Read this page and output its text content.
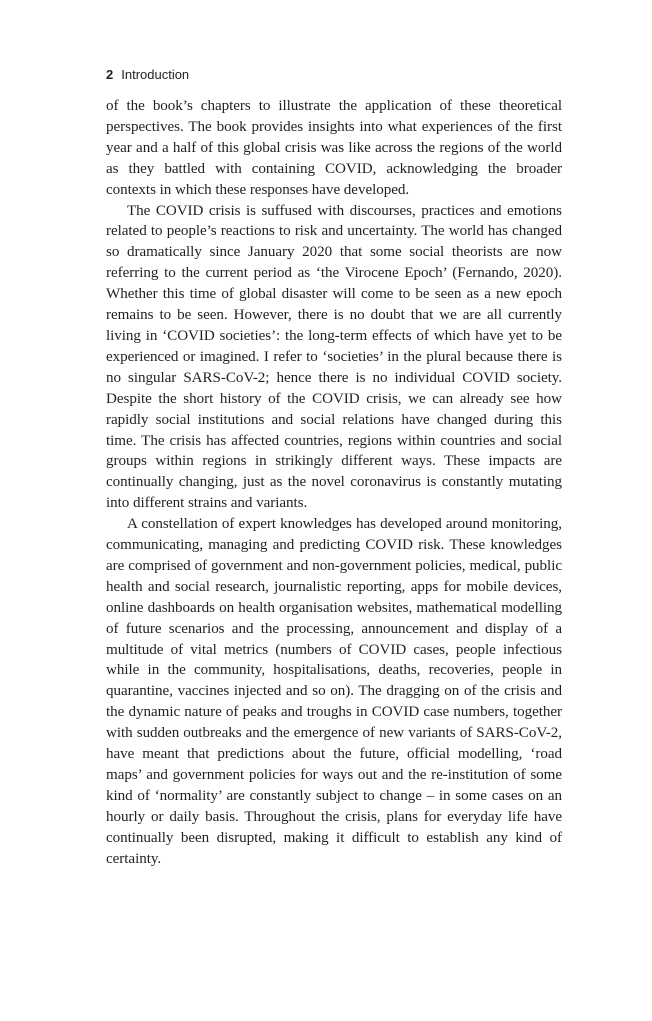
2 Introduction

of the book’s chapters to illustrate the application of these theoretical perspectives. The book provides insights into what experiences of the first year and a half of this global crisis was like across the regions of the world as they battled with containing COVID, acknowledging the broader contexts in which these responses have developed.

The COVID crisis is suffused with discourses, practices and emotions related to people’s reactions to risk and uncertainty. The world has changed so dramatically since January 2020 that some social theorists are now referring to the current period as ‘the Virocene Epoch’ (Fernando, 2020). Whether this time of global disaster will come to be seen as a new epoch remains to be seen. However, there is no doubt that we are all currently living in ‘COVID societies’: the long-term effects of which have yet to be experienced or imagined. I refer to ‘societies’ in the plural because there is no singular SARS-CoV-2; hence there is no individual COVID society. Despite the short history of the COVID crisis, we can already see how rapidly social institutions and social relations have changed during this time. The crisis has affected countries, regions within countries and social groups within regions in strikingly different ways. These impacts are continually changing, just as the novel coronavirus is constantly mutating into different strains and variants.

A constellation of expert knowledges has developed around monitoring, communicating, managing and predicting COVID risk. These knowledges are comprised of government and non-government policies, medical, public health and social research, journalistic reporting, apps for mobile devices, online dashboards on health organisation websites, mathematical modelling of future scenarios and the processing, announcement and display of a multitude of vital metrics (numbers of COVID cases, people infectious while in the community, hospitalisations, deaths, recoveries, people in quarantine, vaccines injected and so on). The dragging on of the crisis and the dynamic nature of peaks and troughs in COVID case numbers, together with sudden outbreaks and the emergence of new variants of SARS-CoV-2, have meant that predictions about the future, official modelling, ‘road maps’ and government policies for ways out and the re-institution of some kind of ‘normality’ are constantly subject to change – in some cases on an hourly or daily basis. Throughout the crisis, plans for everyday life have continually been disrupted, making it difficult to establish any kind of certainty.
